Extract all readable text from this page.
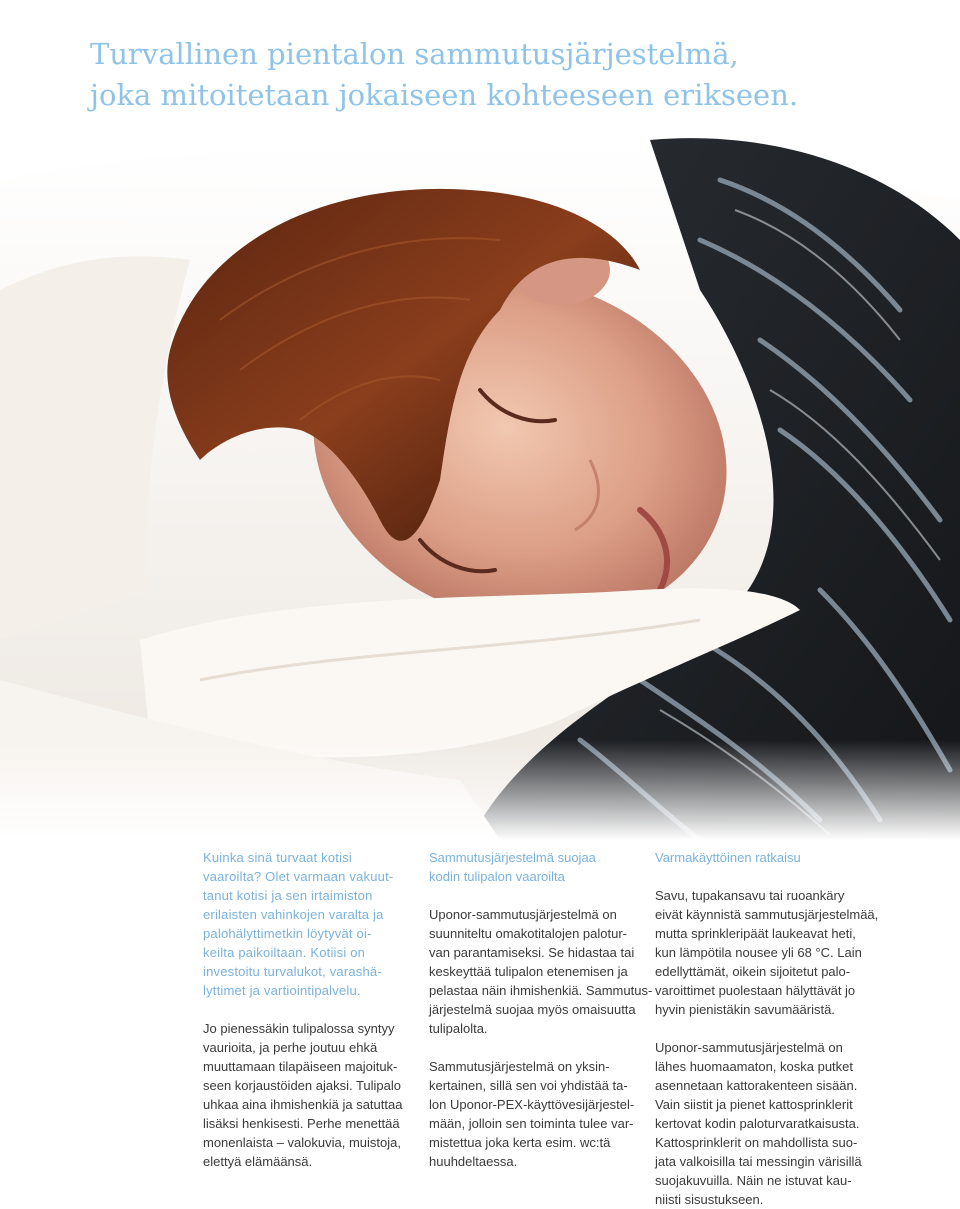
Turvallinen pientalon sammutusjärjestelmä,
joka mitoitetaan jokaiseen kohteeseen erikseen.

Kuinka sinä turvaat kotisi
vaaroilta? Olet varmaan vakuut-
tanut kotisi ja sen irtaimiston
erilaisten vahinkojen varalta ja
palohälyttimetkin löytyvät oi-
keilta paikoiltaan. Kotiisi on
investoitu turvalukot, varashä-
lyttimet ja vartiointipalvelu.

Jo pienessäkin tulipalossa syntyy
vaurioita, ja perhe joutuu ehkä
muuttamaan tilapäiseen majoituk-
seen korjaustöiden ajaksi. Tulipalo
uhkaa aina ihmishenkiä ja satuttaa
lisäksi henkisesti. Perhe menettää
monenlaista – valokuvia, muistoja,
elettyä elämäänsä.

Sammutusjärjestelmä suojaa
kodin tulipalon vaaroilta

Uponor-sammutusjärjestelmä on
suunniteltu omakotitalojen palotur-
van parantamiseksi. Se hidastaa tai
keskeyttää tulipalon etenemisen ja
pelastaa näin ihmishenkiä. Sammutus-
järjestelmä suojaa myös omaisuutta
tulipalolta.

Sammutusjärjestelmä on yksin-
kertainen, sillä sen voi yhdistää ta-
lon Uponor-PEX-käyttövesijärjestel-
mään, jolloin sen toiminta tulee var-
mistettua joka kerta esim. wc:tä
huuhdeltaessa.

Varmakäyttöinen ratkaisu

Savu, tupakansavu tai ruoankäry
eivät käynnistä sammutusjärjestelmää,
mutta sprinkleripäät laukeavat heti,
kun lämpötila nousee yli 68 °C. Lain
edellyttämät, oikein sijoitetut palo-
varoittimet puolestaan hälyttävät jo
hyvin pienistäkin savumääristä.

Uponor-sammutusjärjestelmä on
lähes huomaamaton, koska putket
asennetaan kattorakenteen sisään.
Vain siistit ja pienet kattosprinklerit
kertovat kodin paloturvaratkaisusta.
Kattosprinklerit on mahdollista suo-
jata valkoisilla tai messingin värisillä
suojakuvuilla. Näin ne istuvat kau-
niisti sisustukseen.
